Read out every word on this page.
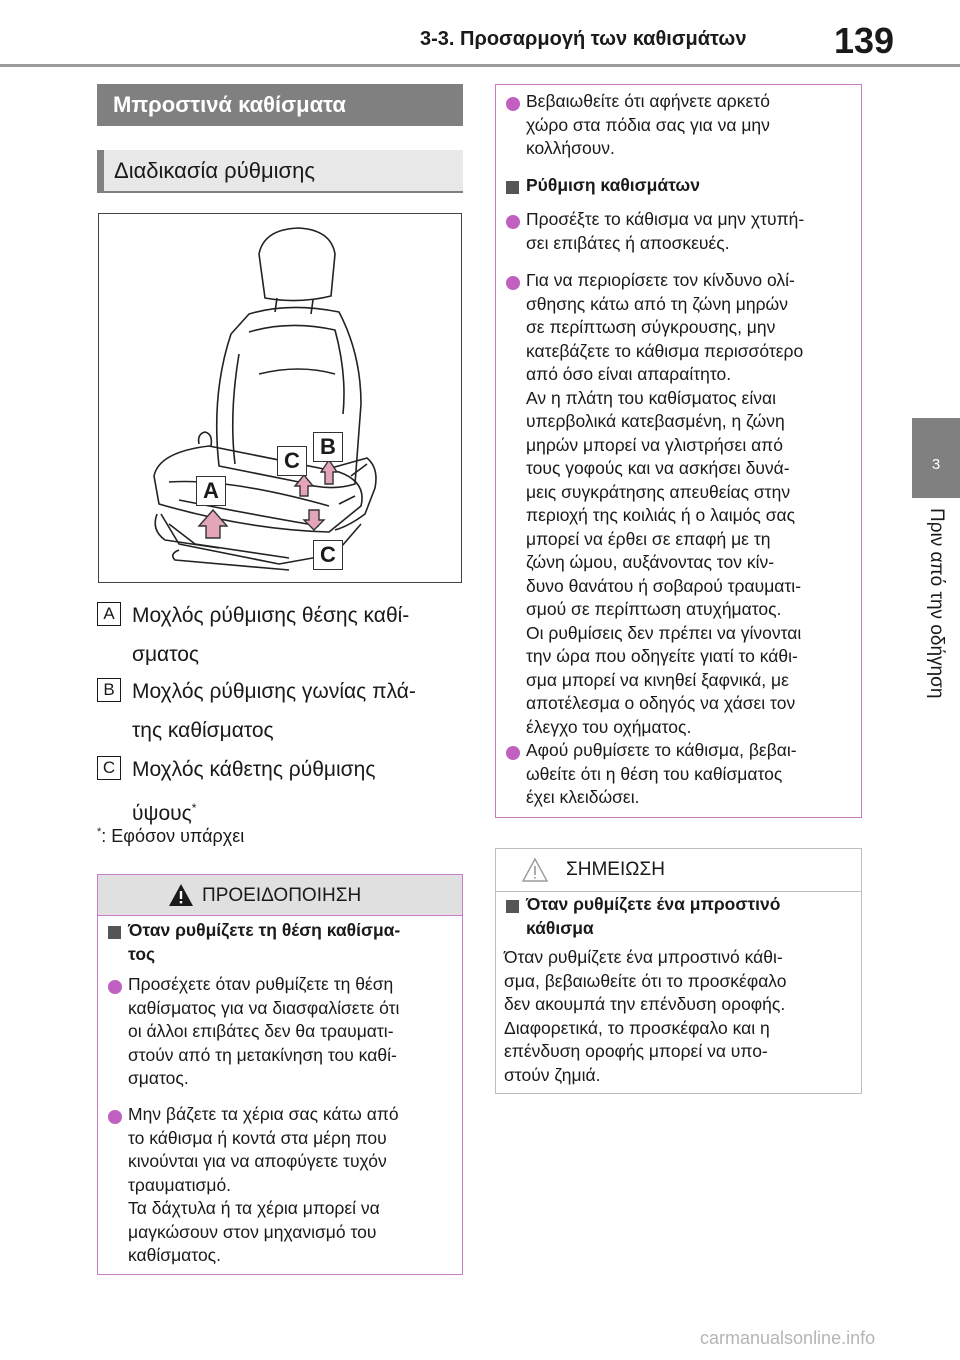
3-3. Προσαρμογή των καθισμάτων	139
3
Πριν από την οδήγηση
Μπροστινά καθίσματα
Διαδικασία ρύθμισης
A
B
C
C
A Μοχλός ρύθμισης θέσης καθί-
σματος
B Μοχλός ρύθμισης γωνίας πλά-
της καθίσματος
C Μοχλός κάθετης ρύθμισης
ύψους*
*: Εφόσον υπάρχει
ΠΡΟΕΙΔΟΠΟΙΗΣΗ
Όταν ρυθμίζετε τη θέση καθίσμα-
τος
Προσέχετε όταν ρυθμίζετε τη θέση
καθίσματος για να διασφαλίσετε ότι
οι άλλοι επιβάτες δεν θα τραυματι-
στούν από τη μετακίνηση του καθί-
σματος.
Μην βάζετε τα χέρια σας κάτω από
το κάθισμα ή κοντά στα μέρη που
κινούνται για να αποφύγετε τυχόν
τραυματισμό.
Τα δάχτυλα ή τα χέρια μπορεί να
μαγκώσουν στον μηχανισμό του
καθίσματος.
Βεβαιωθείτε ότι αφήνετε αρκετό
χώρο στα πόδια σας για να μην
κολλήσουν.
Ρύθμιση καθισμάτων
Προσέξτε το κάθισμα να μην χτυπή-
σει επιβάτες ή αποσκευές.
Για να περιορίσετε τον κίνδυνο ολί-
σθησης κάτω από τη ζώνη μηρών
σε περίπτωση σύγκρουσης, μην
κατεβάζετε το κάθισμα περισσότερο
από όσο είναι απαραίτητο.
Αν η πλάτη του καθίσματος είναι
υπερβολικά κατεβασμένη, η ζώνη
μηρών μπορεί να γλιστρήσει από
τους γοφούς και να ασκήσει δυνά-
μεις συγκράτησης απευθείας στην
περιοχή της κοιλιάς ή ο λαιμός σας
μπορεί να έρθει σε επαφή με τη
ζώνη ώμου, αυξάνοντας τον κίν-
δυνο θανάτου ή σοβαρού τραυματι-
σμού σε περίπτωση ατυχήματος.
Οι ρυθμίσεις δεν πρέπει να γίνονται
την ώρα που οδηγείτε γιατί το κάθι-
σμα μπορεί να κινηθεί ξαφνικά, με
αποτέλεσμα ο οδηγός να χάσει τον
έλεγχο του οχήματος.
Αφού ρυθμίσετε το κάθισμα, βεβαι-
ωθείτε ότι η θέση του καθίσματος
έχει κλειδώσει.
ΣΗΜΕΙΩΣΗ
Όταν ρυθμίζετε ένα μπροστινό
κάθισμα
Όταν ρυθμίζετε ένα μπροστινό κάθι-
σμα, βεβαιωθείτε ότι το προσκέφαλο
δεν ακουμπά την επένδυση οροφής.
Διαφορετικά, το προσκέφαλο και η
επένδυση οροφής μπορεί να υπο-
στούν ζημιά.
carmanualsonline.info
